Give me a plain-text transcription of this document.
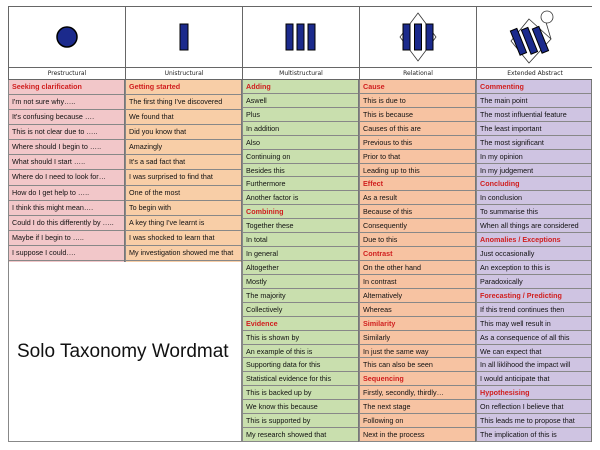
Prestructural	Unistructural	Multistructural	Relational	Extended Abstract
Seeking clarification
I'm not sure why…..
It's confusing because ….
This is not clear due to …..
Where should I begin to …..
What should I start …..
Where do I need to look for…
How do I get help to …..
I think this might mean….
Could I do this differently by …..
Maybe if I begin to …..
I suppose I could….
Getting started
The first thing I've discovered
We found that
Did you know that
Amazingly
It's a sad fact that
I was surprised to find that
One of the most
To begin with
A key thing I've learnt is
I was shocked to learn that
My investigation showed me that
Adding
Aswell
Plus
In addition
Also
Continuing on
Besides this
Furthermore
Another factor is
Combining
Together these
In total
In general
Altogether
Mostly
The majority
Collectively
Evidence
This is shown by
An example of this is
Supporting data for this
Statistical evidence for this
This is backed up by
We know this because
This is supported by
My research showed that
Cause
This is due to
This is because
Causes of this are
Previous to this
Prior to that
Leading up to this
Effect
As a result
Because of this
Consequently
Due to this
Contrast
On the other hand
In contrast
Alternatively
Whereas
Similarity
Similarly
In just the same way
This can also be seen
Sequencing
Firstly, secondly, thirdly…
The next stage
Following on
Next in the process
Commenting
The main point
The most influential feature
The least important
The most significant
In my opinion
In my judgement
Concluding
In conclusion
To summarise this
When all things are considered
Anomalies / Exceptions
Just occasionally
An exception to this is
Paradoxically
Forecasting / Predicting
If this trend continues then
This may well result in
As a consequence of all this
We can expect that
In all liklihood the impact will
I would anticipate that
Hypothesising
On reflection I believe that
This leads me to propose that
The implication of this is
Solo Taxonomy Wordmat
